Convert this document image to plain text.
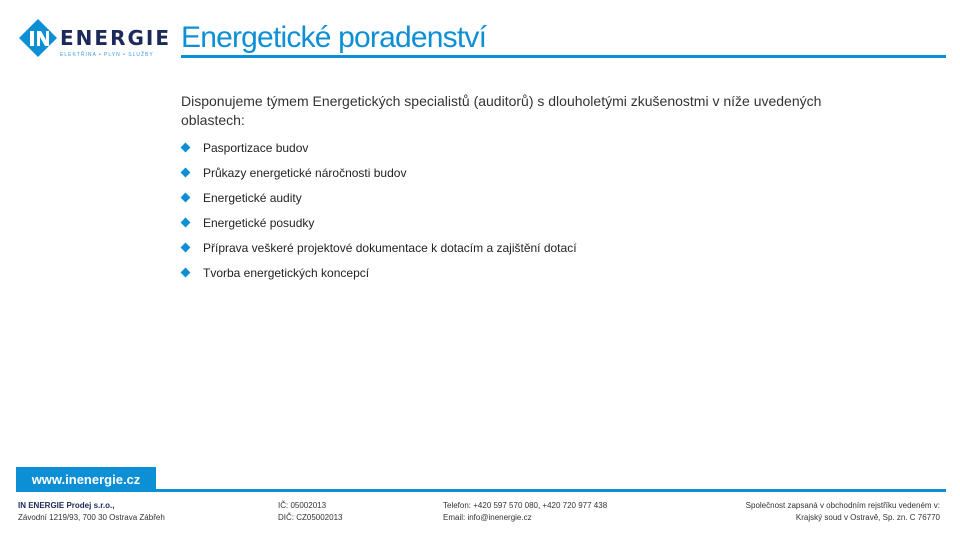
ENERGIE
ELEKTŘINA • PLYN • SLUŽBY
Energetické poradenství

Disponujeme týmem Energetických specialistů (auditorů) s dlouholetými zkušenostmi v níže uvedených oblastech:

Pasportizace budov
Průkazy energetické náročnosti budov
Energetické audity
Energetické posudky
Příprava veškeré projektové dokumentace k dotacím a zajištění dotací
Tvorba energetických koncepcí
www.inenergie.cz
IN ENERGIE Prodej s.r.o.,
Závodní 1219/93, 700 30 Ostrava Zábřeh
IČ: 05002013
DIČ: CZ05002013
Telefon: +420 597 570 080, +420 720 977 438
Email: info@inenergie.cz
Společnost zapsaná v obchodním rejstříku vedeném v:
Krajský soud v Ostravě, Sp. zn. C 76770
